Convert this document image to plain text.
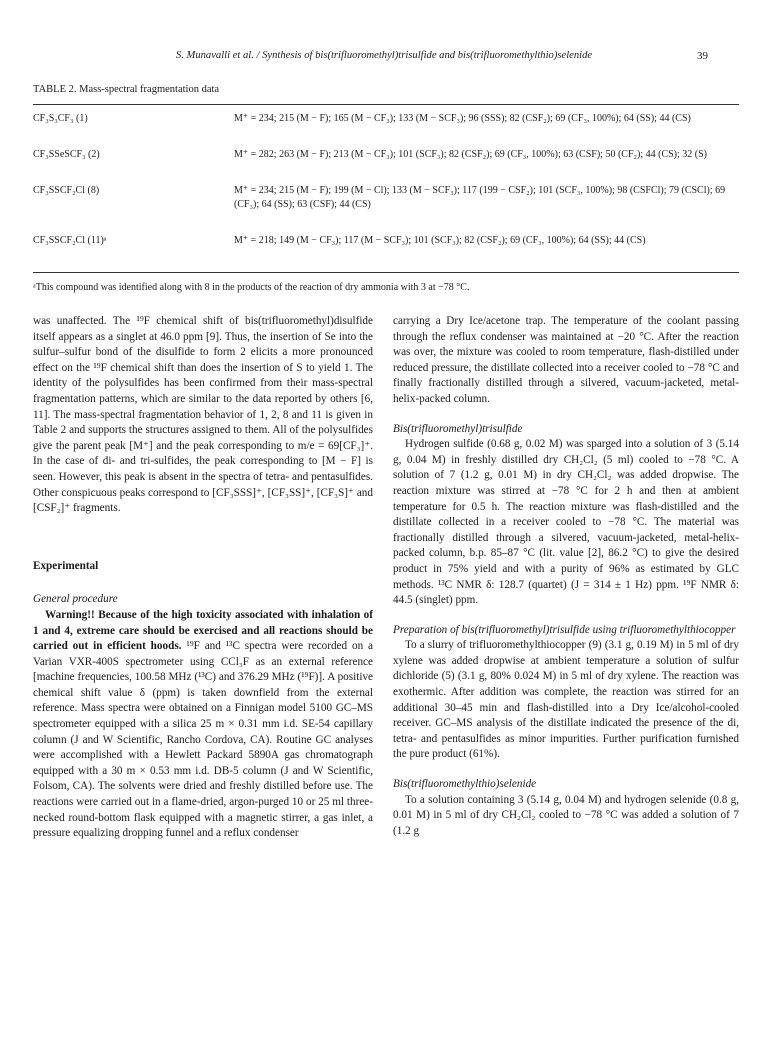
S. Munavalli et al. / Synthesis of bis(trifluoromethyl)trisulfide and bis(trifluoromethylthio)selenide	39
TABLE 2. Mass-spectral fragmentation data
CF₃S₃CF₃ (1)	M⁺ = 234; 215 (M − F); 165 (M − CF₃); 133 (M − SCF₃); 96 (SSS); 82 (CSF₂); 69 (CF₃, 100%); 64 (SS); 44 (CS)
CF₃SSeSCF₃ (2)	M⁺ = 282; 263 (M − F); 213 (M − CF₃); 101 (SCF₃); 82 (CSF₂); 69 (CF₃, 100%); 63 (CSF); 50 (CF₂); 44 (CS); 32 (S)
CF₃SSCF₂Cl (8)	M⁺ = 234; 215 (M − F); 199 (M − Cl); 133 (M − SCF₃); 117 (199 − CSF₂); 101 (SCF₃, 100%); 98 (CSFCl); 79 (CSCl); 69 (CF₃); 64 (SS); 63 (CSF); 44 (CS)
CF₃SSCF₂Cl (11)ᵃ	M⁺ = 218; 149 (M − CF₃); 117 (M − SCF₃); 101 (SCF₃); 82 (CSF₂); 69 (CF₃, 100%); 64 (SS); 44 (CS)
ᵃThis compound was identified along with 8 in the products of the reaction of dry ammonia with 3 at −78 °C.

was unaffected. The ¹⁹F chemical shift of bis(trifluoromethyl)disulfide itself appears as a singlet at 46.0 ppm [9]. Thus, the insertion of Se into the sulfur–sulfur bond of the disulfide to form 2 elicits a more pronounced effect on the ¹⁹F chemical shift than does the insertion of S to yield 1. The identity of the polysulfides has been confirmed from their mass-spectral fragmentation patterns, which are similar to the data reported by others [6, 11]. The mass-spectral fragmentation behavior of 1, 2, 8 and 11 is given in Table 2 and supports the structures assigned to them. All of the polysulfides give the parent peak [M⁺] and the peak corresponding to m/e = 69[CF₃]⁺. In the case of di- and tri-sulfides, the peak corresponding to [M − F] is seen. However, this peak is absent in the spectra of tetra- and pentasulfides. Other conspicuous peaks correspond to [CF₃SSS]⁺, [CF₃SS]⁺, [CF₃S]⁺ and [CSF₂]⁺ fragments.

Experimental

General procedure

Warning!! Because of the high toxicity associated with inhalation of 1 and 4, extreme care should be exercised and all reactions should be carried out in efficient hoods. ¹⁹F and ¹³C spectra were recorded on a Varian VXR-400S spectrometer using CCl₃F as an external reference [machine frequencies, 100.58 MHz (¹³C) and 376.29 MHz (¹⁹F)]. A positive chemical shift value δ (ppm) is taken downfield from the external reference. Mass spectra were obtained on a Finnigan model 5100 GC–MS spectrometer equipped with a silica 25 m × 0.31 mm i.d. SE-54 capillary column (J and W Scientific, Rancho Cordova, CA). Routine GC analyses were accomplished with a Hewlett Packard 5890A gas chromatograph equipped with a 30 m × 0.53 mm i.d. DB-5 column (J and W Scientific, Folsom, CA). The solvents were dried and freshly distilled before use. The reactions were carried out in a flame-dried, argon-purged 10 or 25 ml three-necked round-bottom flask equipped with a magnetic stirrer, a gas inlet, a pressure equalizing dropping funnel and a reflux condenser

carrying a Dry Ice/acetone trap. The temperature of the coolant passing through the reflux condenser was maintained at −20 °C. After the reaction was over, the mixture was cooled to room temperature, flash-distilled under reduced pressure, the distillate collected into a receiver cooled to −78 °C and finally fractionally distilled through a silvered, vacuum-jacketed, metal-helix-packed column.

Bis(trifluoromethyl)trisulfide

Hydrogen sulfide (0.68 g, 0.02 M) was sparged into a solution of 3 (5.14 g, 0.04 M) in freshly distilled dry CH₂Cl₂ (5 ml) cooled to −78 °C. A solution of 7 (1.2 g, 0.01 M) in dry CH₂Cl₂ was added dropwise. The reaction mixture was stirred at −78 °C for 2 h and then at ambient temperature for 0.5 h. The reaction mixture was flash-distilled and the distillate collected in a receiver cooled to −78 °C. The material was fractionally distilled through a silvered, vacuum-jacketed, metal-helix-packed column, b.p. 85–87 °C (lit. value [2], 86.2 °C) to give the desired product in 75% yield and with a purity of 96% as estimated by GLC methods. ¹³C NMR δ: 128.7 (quartet) (J = 314 ± 1 Hz) ppm. ¹⁹F NMR δ: 44.5 (singlet) ppm.

Preparation of bis(trifluoromethyl)trisulfide using trifluoromethylthiocopper

To a slurry of trifluoromethylthiocopper (9) (3.1 g, 0.19 M) in 5 ml of dry xylene was added dropwise at ambient temperature a solution of sulfur dichloride (5) (3.1 g, 80% 0.024 M) in 5 ml of dry xylene. The reaction was exothermic. After addition was complete, the reaction was stirred for an additional 30–45 min and flash-distilled into a Dry Ice/alcohol-cooled receiver. GC–MS analysis of the distillate indicated the presence of the di, tetra- and pentasulfides as minor impurities. Further purification furnished the pure product (61%).

Bis(trifluoromethylthio)selenide

To a solution containing 3 (5.14 g, 0.04 M) and hydrogen selenide (0.8 g, 0.01 M) in 5 ml of dry CH₂Cl₂ cooled to −78 °C was added a solution of 7 (1.2 g
